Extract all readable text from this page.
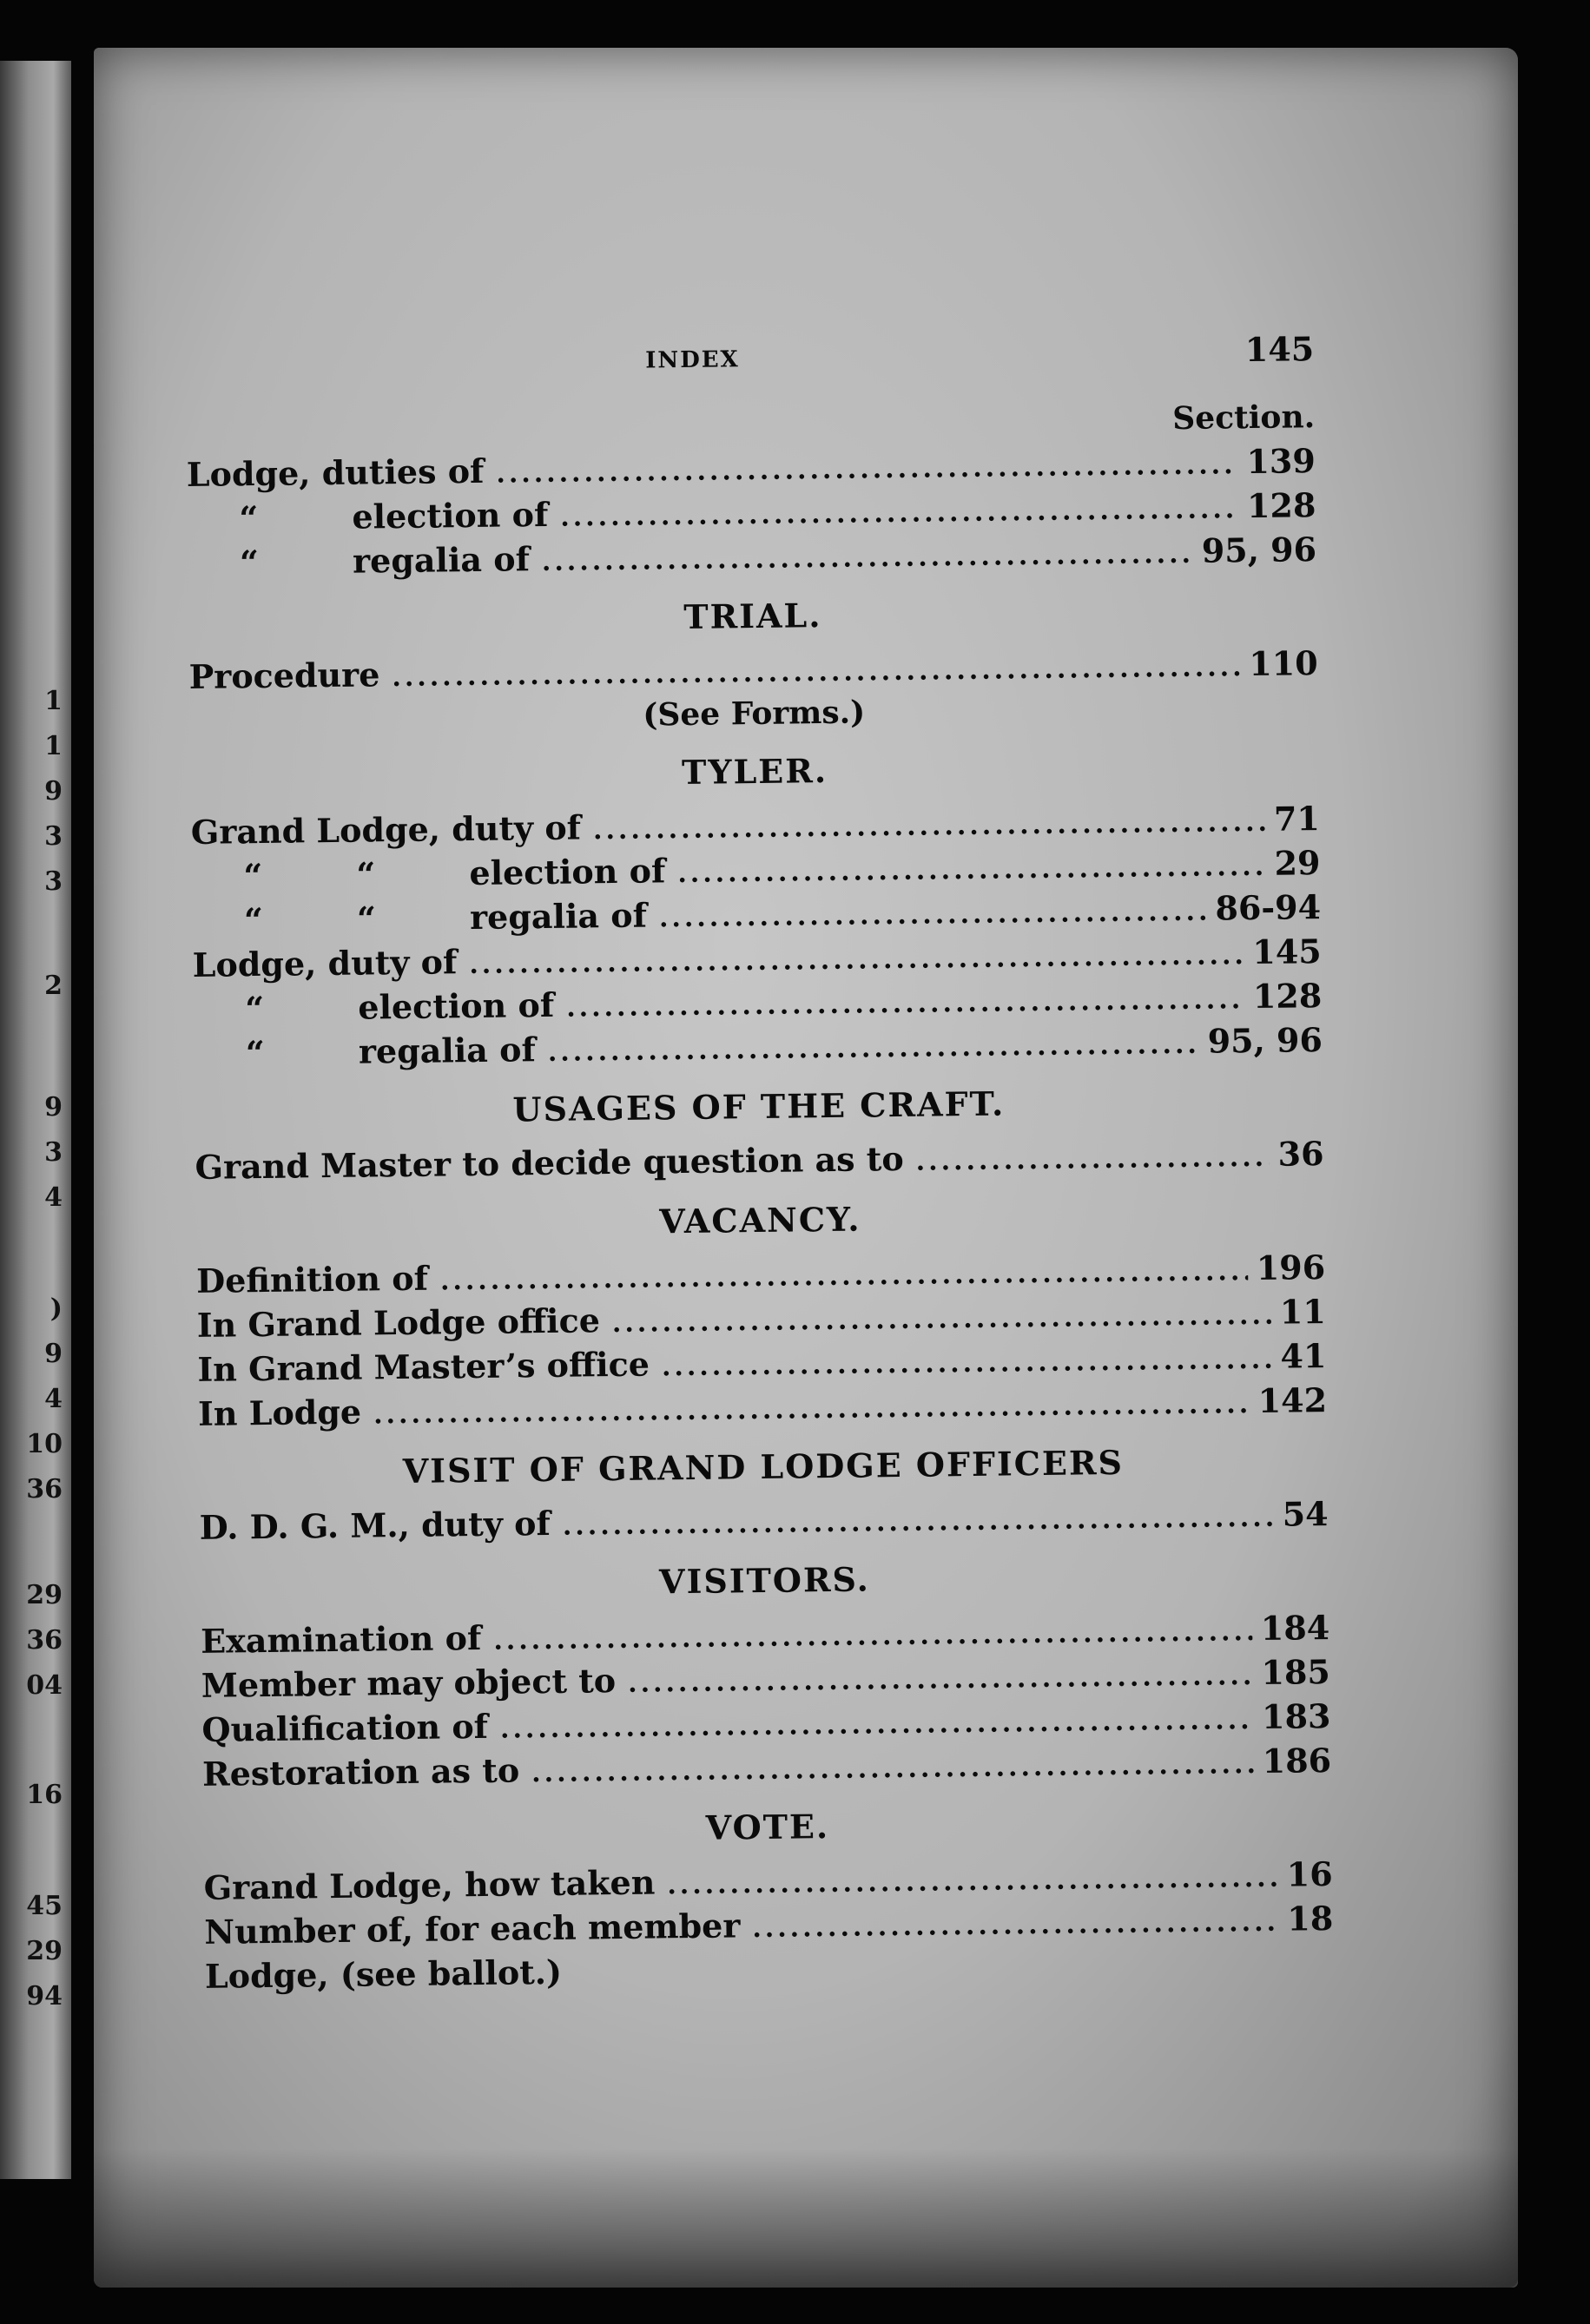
1
1
9
3
3
2
9
3
4
)
9
4
10
36
29
36
04
16
45
29
94
INDEX	145
Section.
Lodge, duties of .....	139
“	election of .....	128
“	regalia of .....	95, 96
TRIAL.
Procedure .....	110
(See Forms.)
TYLER.
Grand Lodge, duty of .....	71
“	“	election of .....	29
“	“	regalia of .....	86-94
Lodge, duty of .....	145
“	election of .....	128
“	regalia of .....	95, 96
USAGES OF THE CRAFT.
Grand Master to decide question as to .....	36
VACANCY.
Definition of .....	196
In Grand Lodge office .....	11
In Grand Master’s office .....	41
In Lodge .....	142
VISIT OF GRAND LODGE OFFICERS
D. D. G. M., duty of .....	54
VISITORS.
Examination of .....	184
Member may object to .....	185
Qualification of .....	183
Restoration as to .....	186
VOTE.
Grand Lodge, how taken .....	16
Number of, for each member .....	18
Lodge, (see ballot.)
